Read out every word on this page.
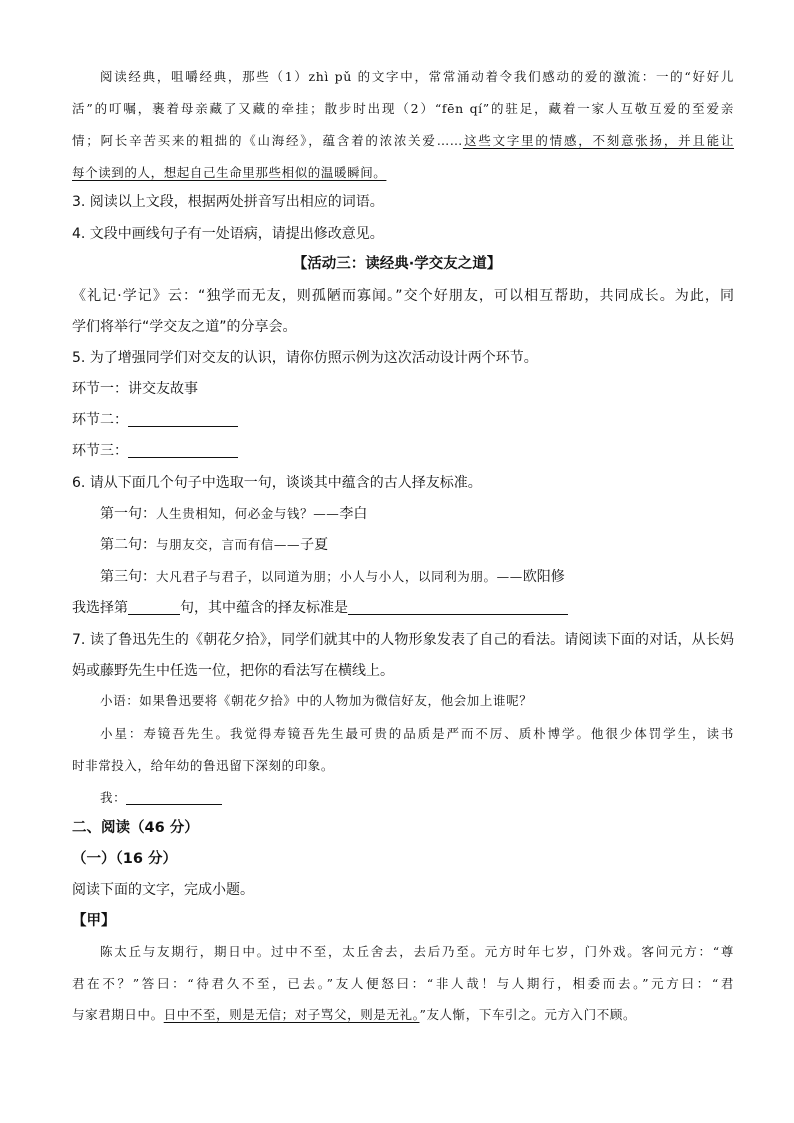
阅读经典，咀嚼经典，那些（1）zhì pǔ 的文字中，常常涌动着令我们感动的爱的激流：一的“好好儿
活”的叮嘱，裹着母亲藏了又藏的牵挂；散步时出现（2）“fēn qí”的驻足，藏着一家人互敬互爱的至爱亲
情；阿长辛苦买来的粗拙的《山海经》，蕴含着的浓浓关爱……这些文字里的情感，不刻意张扬，并且能让
每个读到的人，想起自己生命里那些相似的温暖瞬间。
3. 阅读以上文段，根据两处拼音写出相应的词语。
4. 文段中画线句子有一处语病，请提出修改意见。
【活动三：读经典·学交友之道】
《礼记·学记》云：“独学而无友，则孤陋而寡闻。”交个好朋友，可以相互帮助，共同成长。为此，同
学们将举行“学交友之道”的分享会。
5. 为了增强同学们对交友的认识，请你仿照示例为这次活动设计两个环节。
环节一：讲交友故事
环节二：
环节三：
6. 请从下面几个句子中选取一句，谈谈其中蕴含的古人择友标准。
第一句：人生贵相知，何必金与钱？——李白
第二句：与朋友交，言而有信——子夏
第三句：大凡君子与君子，以同道为朋；小人与小人，以同利为朋。——欧阳修
我选择第	句，其中蕴含的择友标准是
7. 读了鲁迅先生的《朝花夕拾》，同学们就其中的人物形象发表了自己的看法。请阅读下面的对话，从长妈
妈或藤野先生中任选一位，把你的看法写在横线上。
小语：如果鲁迅要将《朝花夕拾》中的人物加为微信好友，他会加上谁呢？
小星：寿镜吾先生。我觉得寿镜吾先生最可贵的品质是严而不厉、质朴博学。他很少体罚学生，读书
时非常投入，给年幼的鲁迅留下深刻的印象。
我：
二、阅读（46 分）
（一）（16 分）
阅读下面的文字，完成小题。
【甲】
陈太丘与友期行，期日中。过中不至，太丘舍去，去后乃至。元方时年七岁，门外戏。客问元方：“尊
君在不？”答曰：“待君久不至，已去。”友人便怒曰：“非人哉！与人期行，相委而去。”元方曰：“君
与家君期日中。日中不至，则是无信；对子骂父，则是无礼。”友人惭，下车引之。元方入门不顾。
